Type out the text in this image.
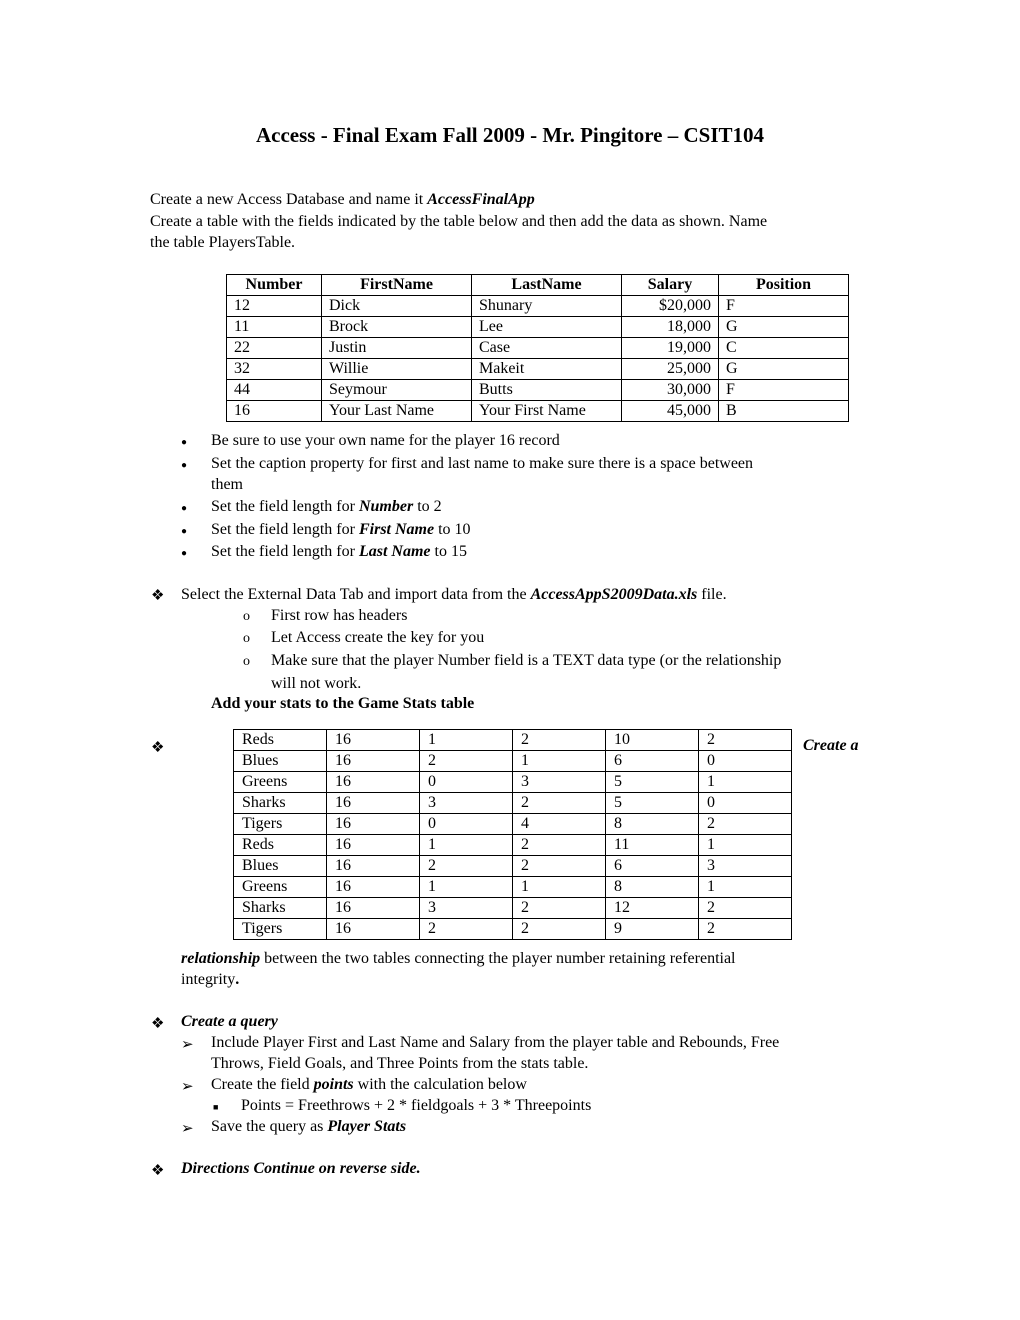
Access - Final Exam Fall 2009 - Mr. Pingitore – CSIT104
Create a new Access Database and name it AccessFinalApp
Create a table with the fields indicated by the table below and then add the data as shown. Name
the table PlayersTable.
Number	FirstName	LastName	Salary	Position
12	Dick	Shunary	$20,000	F
11	Brock	Lee	18,000	G
22	Justin	Case	19,000	C
32	Willie	Makeit	25,000	G
44	Seymour	Butts	30,000	F
16	Your Last Name	Your First Name	45,000	B
● Be sure to use your own name for the player 16 record
● Set the caption property for first and last name to make sure there is a space between
them
● Set the field length for Number to 2
● Set the field length for First Name to 10
● Set the field length for Last Name to 15
❖ Select the External Data Tab and import data from the AccessAppS2009Data.xls file.
o First row has headers
o Let Access create the key for you
o Make sure that the player Number field is a TEXT data type (or the relationship
will not work.
Add your stats to the Game Stats table
❖	Reds	16	1	2	10	2
Blues	16	2	1	6	0
Greens	16	0	3	5	1
Sharks	16	3	2	5	0
Tigers	16	0	4	8	2
Reds	16	1	2	11	1
Blues	16	2	2	6	3
Greens	16	1	1	8	1
Sharks	16	3	2	12	2
Tigers	16	2	2	9	2
Create a
relationship between the two tables connecting the player number retaining referential
integrity.
❖ Create a query
➢ Include Player First and Last Name and Salary from the player table and Rebounds, Free
Throws, Field Goals, and Three Points from the stats table.
➢ Create the field points with the calculation below
■ Points = Freethrows + 2 * fieldgoals + 3 * Threepoints
➢ Save the query as Player Stats
❖ Directions Continue on reverse side.
